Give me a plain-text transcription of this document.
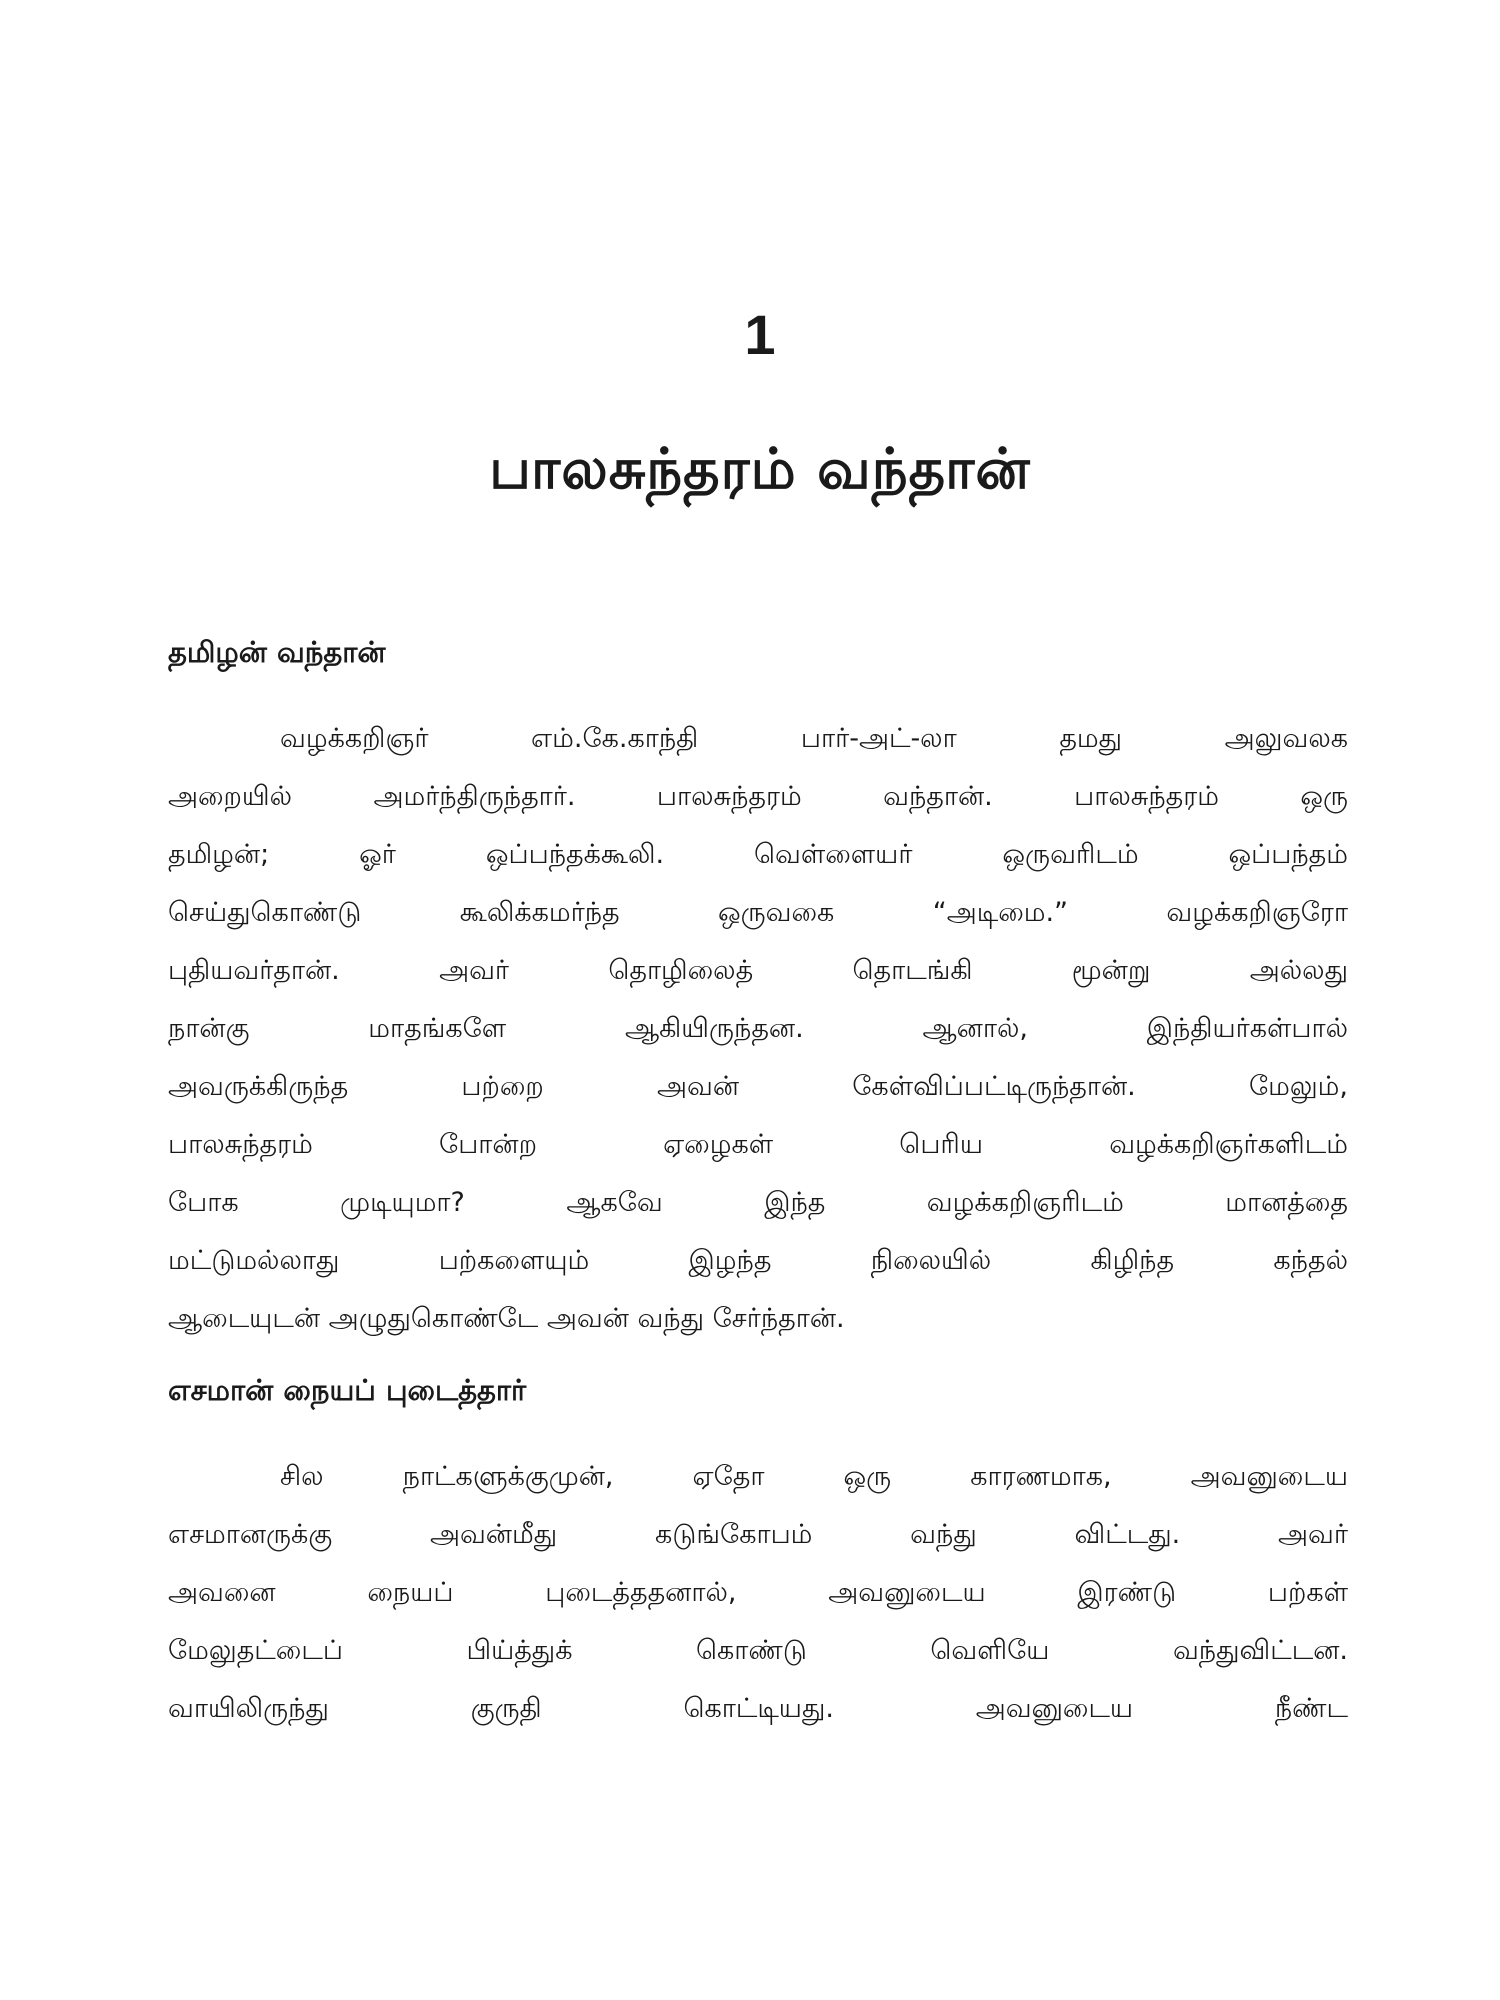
1
பாலசுந்தரம் வந்தான்
தமிழன் வந்தான்
வழக்கறிஞர் எம்.கே.காந்தி பார்-அட்-லா தமது அலுவலக
அறையில் அமர்ந்திருந்தார். பாலசுந்தரம் வந்தான். பாலசுந்தரம் ஒரு
தமிழன்; ஓர் ஒப்பந்தக்கூலி. வெள்ளையர் ஒருவரிடம் ஒப்பந்தம்
செய்துகொண்டு கூலிக்கமர்ந்த ஒருவகை “அடிமை.” வழக்கறிஞரோ
புதியவர்தான். அவர் தொழிலைத் தொடங்கி மூன்று அல்லது
நான்கு மாதங்களே ஆகியிருந்தன. ஆனால், இந்தியர்கள்பால்
அவருக்கிருந்த பற்றை அவன் கேள்விப்பட்டிருந்தான். மேலும்,
பாலசுந்தரம் போன்ற ஏழைகள் பெரிய வழக்கறிஞர்களிடம்
போக முடியுமா? ஆகவே இந்த வழக்கறிஞரிடம் மானத்தை
மட்டுமல்லாது பற்களையும் இழந்த நிலையில் கிழிந்த கந்தல்
ஆடையுடன் அழுதுகொண்டே அவன் வந்து சேர்ந்தான்.
எசமான் நையப் புடைத்தார்
சில நாட்களுக்குமுன், ஏதோ ஒரு காரணமாக, அவனுடைய
எசமானருக்கு அவன்மீது கடுங்கோபம் வந்து விட்டது. அவர்
அவனை நையப் புடைத்ததனால், அவனுடைய இரண்டு பற்கள்
மேலுதட்டைப் பிய்த்துக் கொண்டு வெளியே வந்துவிட்டன.
வாயிலிருந்து குருதி கொட்டியது. அவனுடைய நீண்ட
